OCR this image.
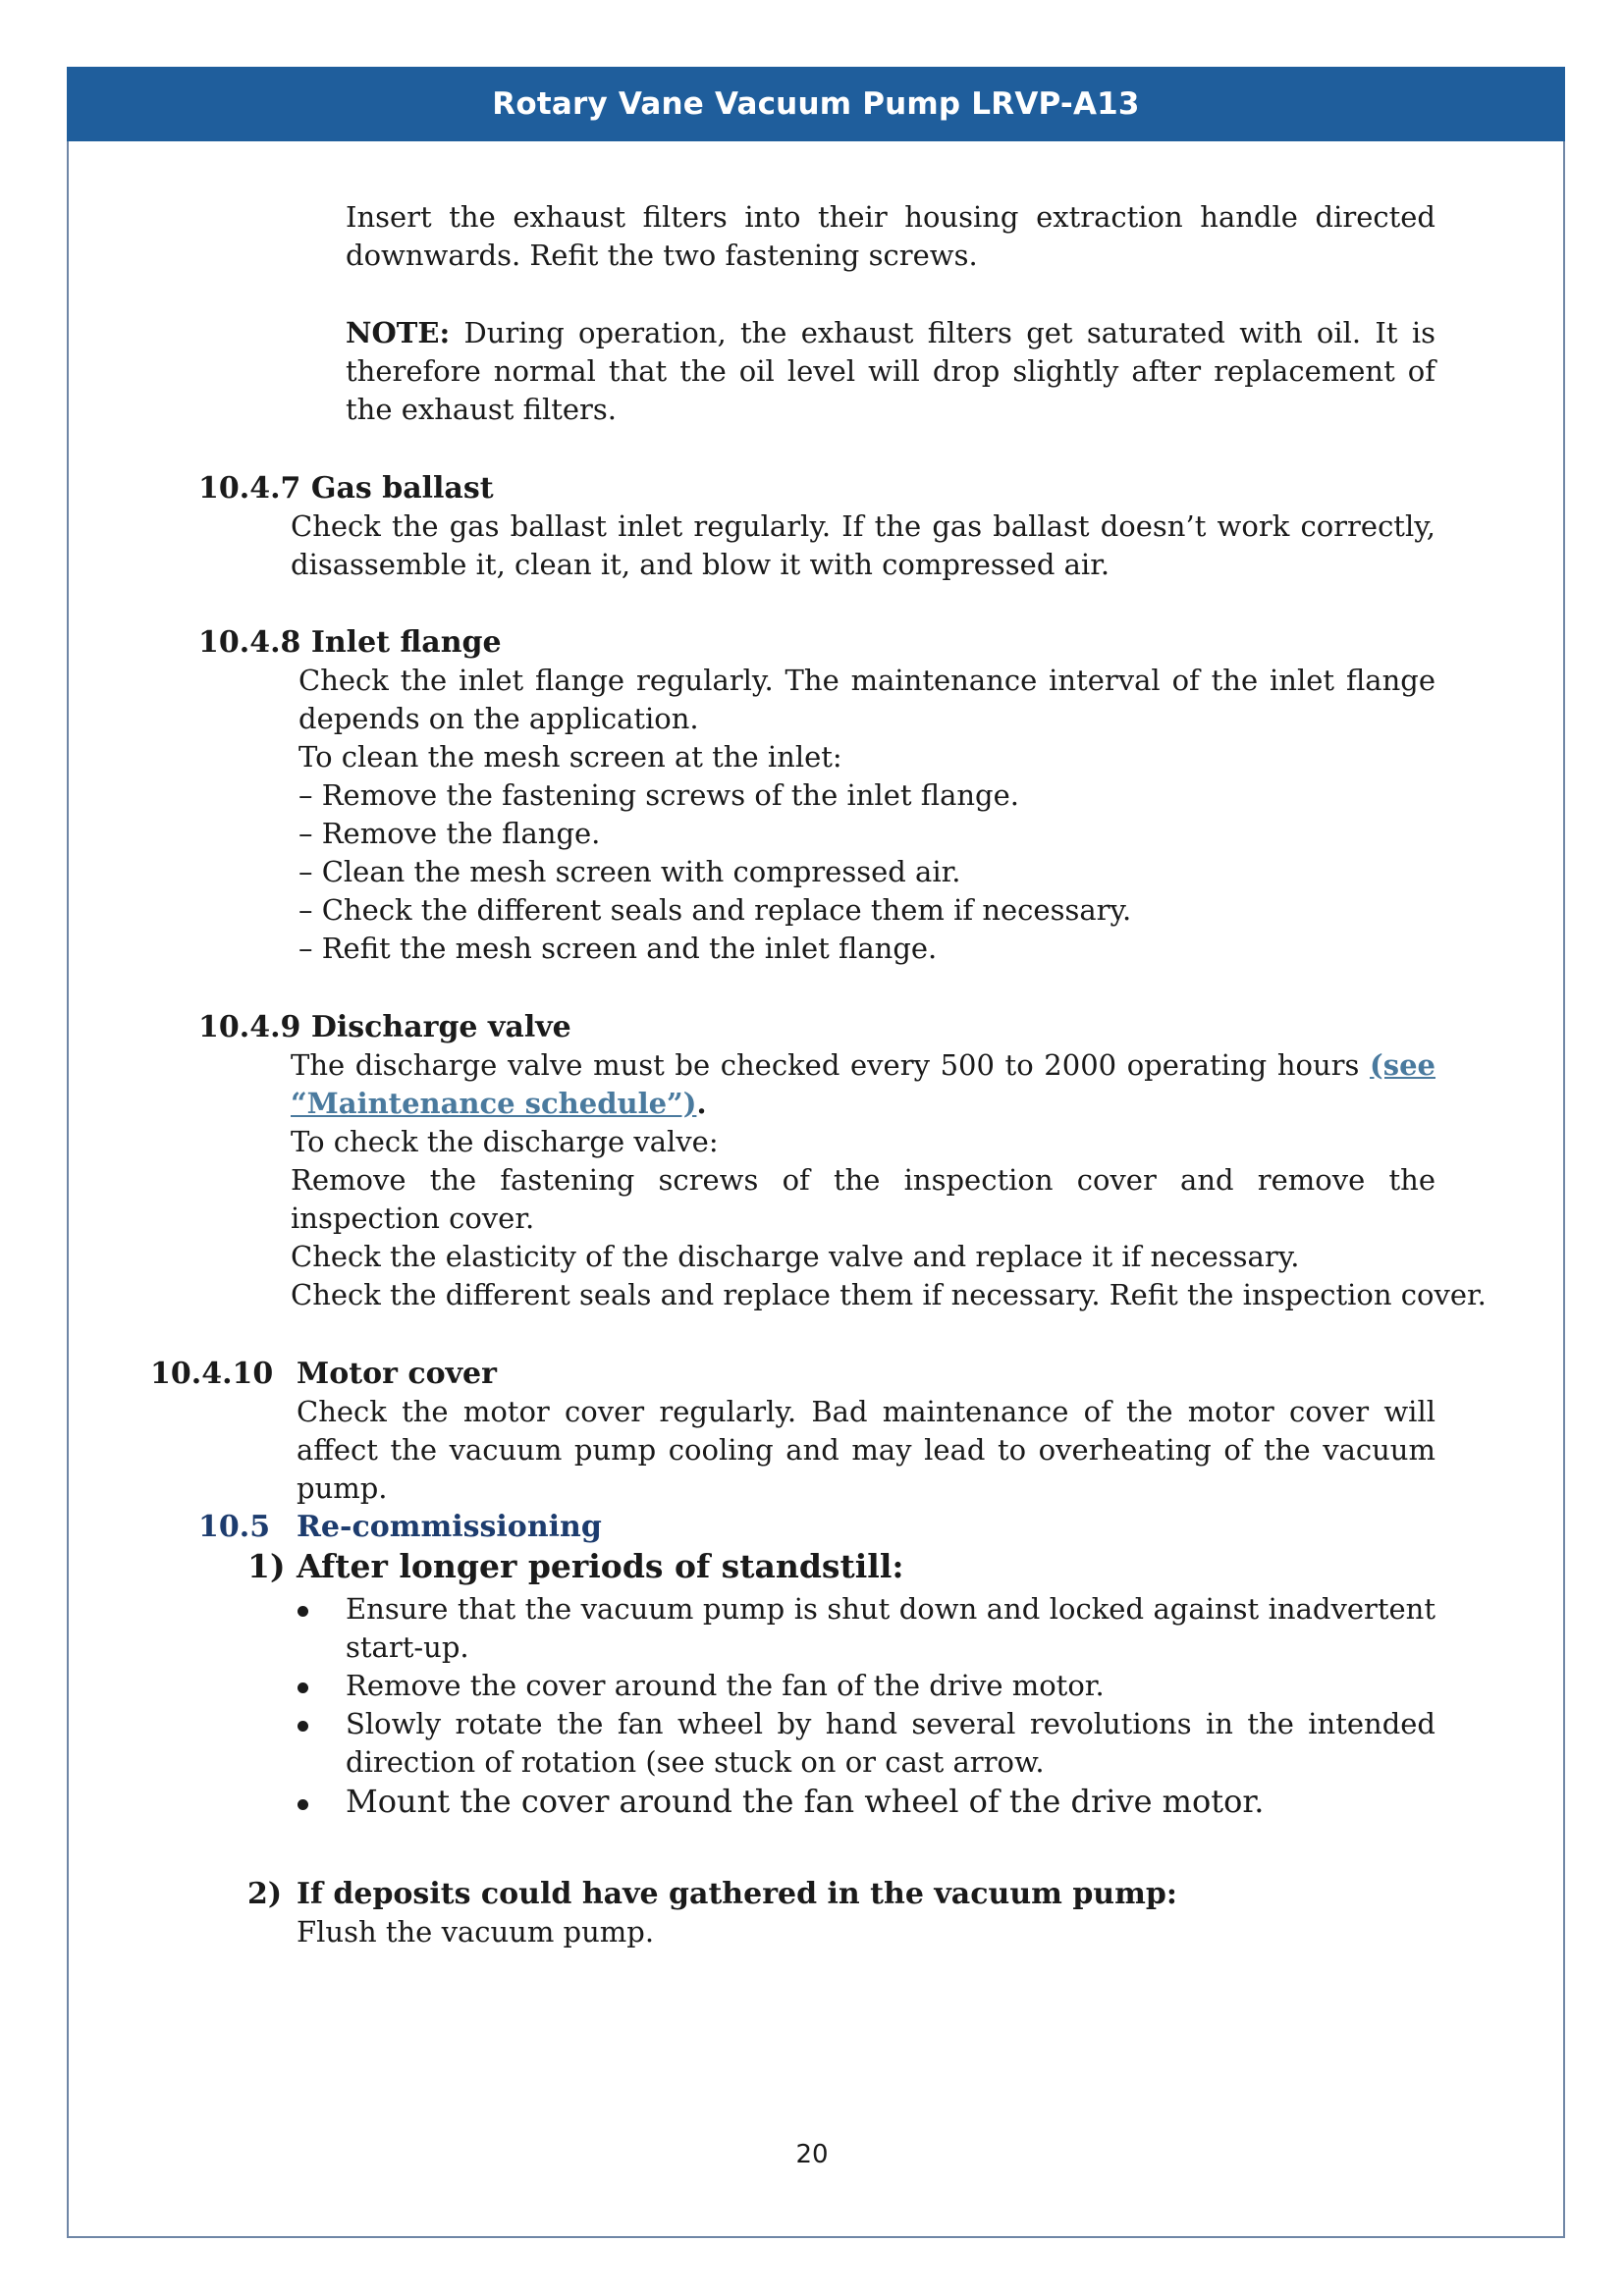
Rotary Vane Vacuum Pump LRVP-A13

Insert the exhaust filters into their housing extraction handle directed downwards. Refit the two fastening screws.

NOTE: During operation, the exhaust filters get saturated with oil. It is therefore normal that the oil level will drop slightly after replacement of the exhaust filters.

10.4.7 Gas ballast

Check the gas ballast inlet regularly. If the gas ballast doesn’t work correctly, disassemble it, clean it, and blow it with compressed air.

10.4.8 Inlet flange

Check the inlet flange regularly. The maintenance interval of the inlet flange depends on the application.

To clean the mesh screen at the inlet:

– Remove the fastening screws of the inlet flange.

– Remove the flange.

– Clean the mesh screen with compressed air.

– Check the different seals and replace them if necessary.

– Refit the mesh screen and the inlet flange.

10.4.9 Discharge valve

The discharge valve must be checked every 500 to 2000 operating hours (see “Maintenance schedule”).

To check the discharge valve:

Remove the fastening screws of the inspection cover and remove the inspection cover.

Check the elasticity of the discharge valve and replace it if necessary.

Check the different seals and replace them if necessary. Refit the inspection cover.

10.4.10 Motor cover

Check the motor cover regularly. Bad maintenance of the motor cover will affect the vacuum pump cooling and may lead to overheating of the vacuum pump.

10.5 Re-commissioning

1) After longer periods of standstill:

Ensure that the vacuum pump is shut down and locked against inadvertent start-up.

Remove the cover around the fan of the drive motor.

Slowly rotate the fan wheel by hand several revolutions in the intended direction of rotation (see stuck on or cast arrow.

Mount the cover around the fan wheel of the drive motor.

2) If deposits could have gathered in the vacuum pump:

Flush the vacuum pump.

20
